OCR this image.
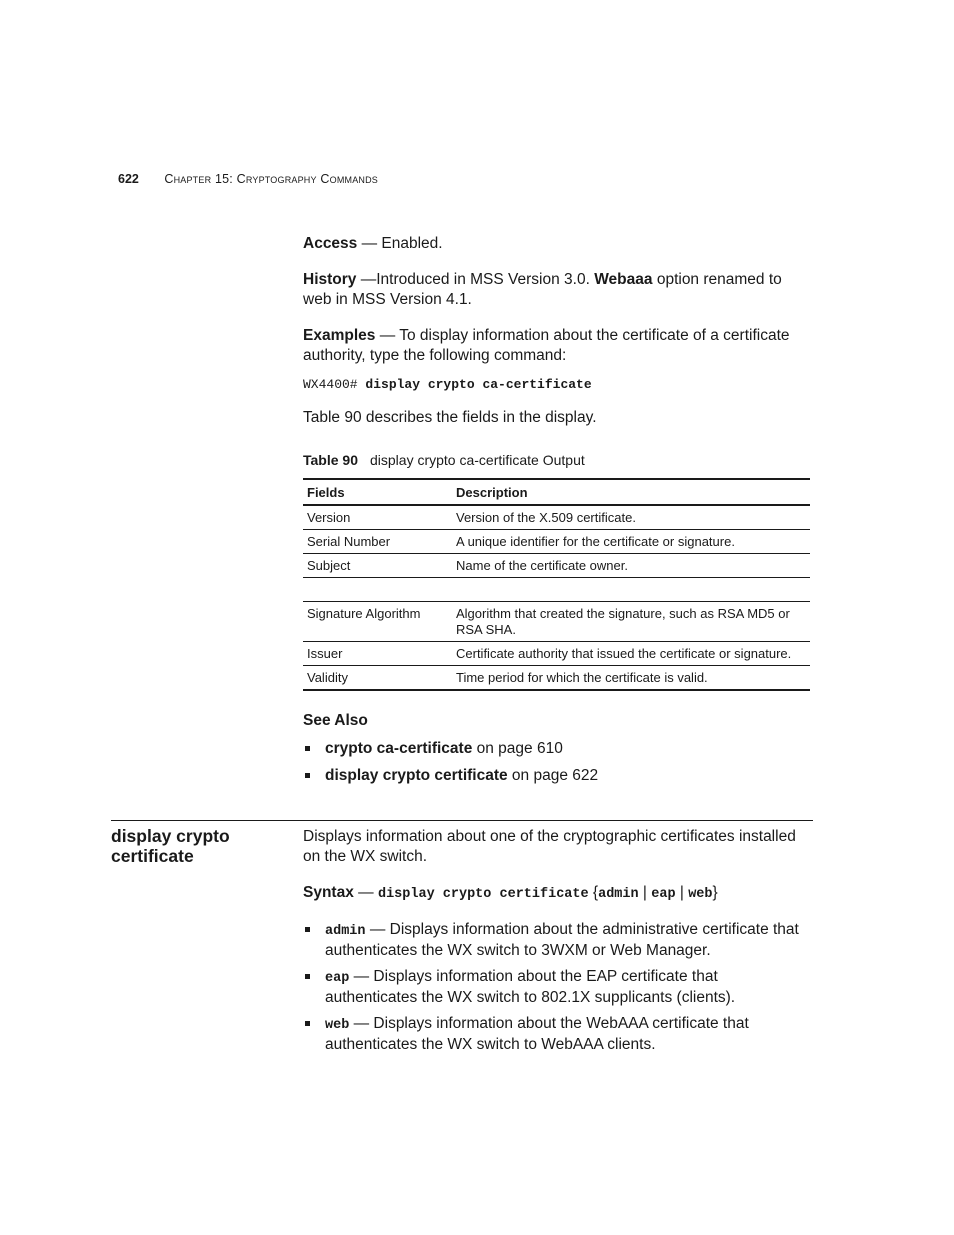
622 Chapter 15: Cryptography Commands
Access — Enabled.
History —Introduced in MSS Version 3.0. Webaaa option renamed to web in MSS Version 4.1.
Examples — To display information about the certificate of a certificate authority, type the following command:
WX4400# display crypto ca-certificate
Table 90 describes the fields in the display.
Table 90 display crypto ca-certificate Output
Fields	Description
Version	Version of the X.509 certificate.
Serial Number	A unique identifier for the certificate or signature.
Subject	Name of the certificate owner.

Signature Algorithm	Algorithm that created the signature, such as RSA MD5 or RSA SHA.
Issuer	Certificate authority that issued the certificate or signature.
Validity	Time period for which the certificate is valid.
See Also
crypto ca-certificate on page 610
display crypto certificate on page 622
display crypto certificate
Displays information about one of the cryptographic certificates installed on the WX switch.
Syntax — display crypto certificate {admin | eap | web}
admin — Displays information about the administrative certificate that authenticates the WX switch to 3WXM or Web Manager.
eap — Displays information about the EAP certificate that authenticates the WX switch to 802.1X supplicants (clients).
web — Displays information about the WebAAA certificate that authenticates the WX switch to WebAAA clients.
